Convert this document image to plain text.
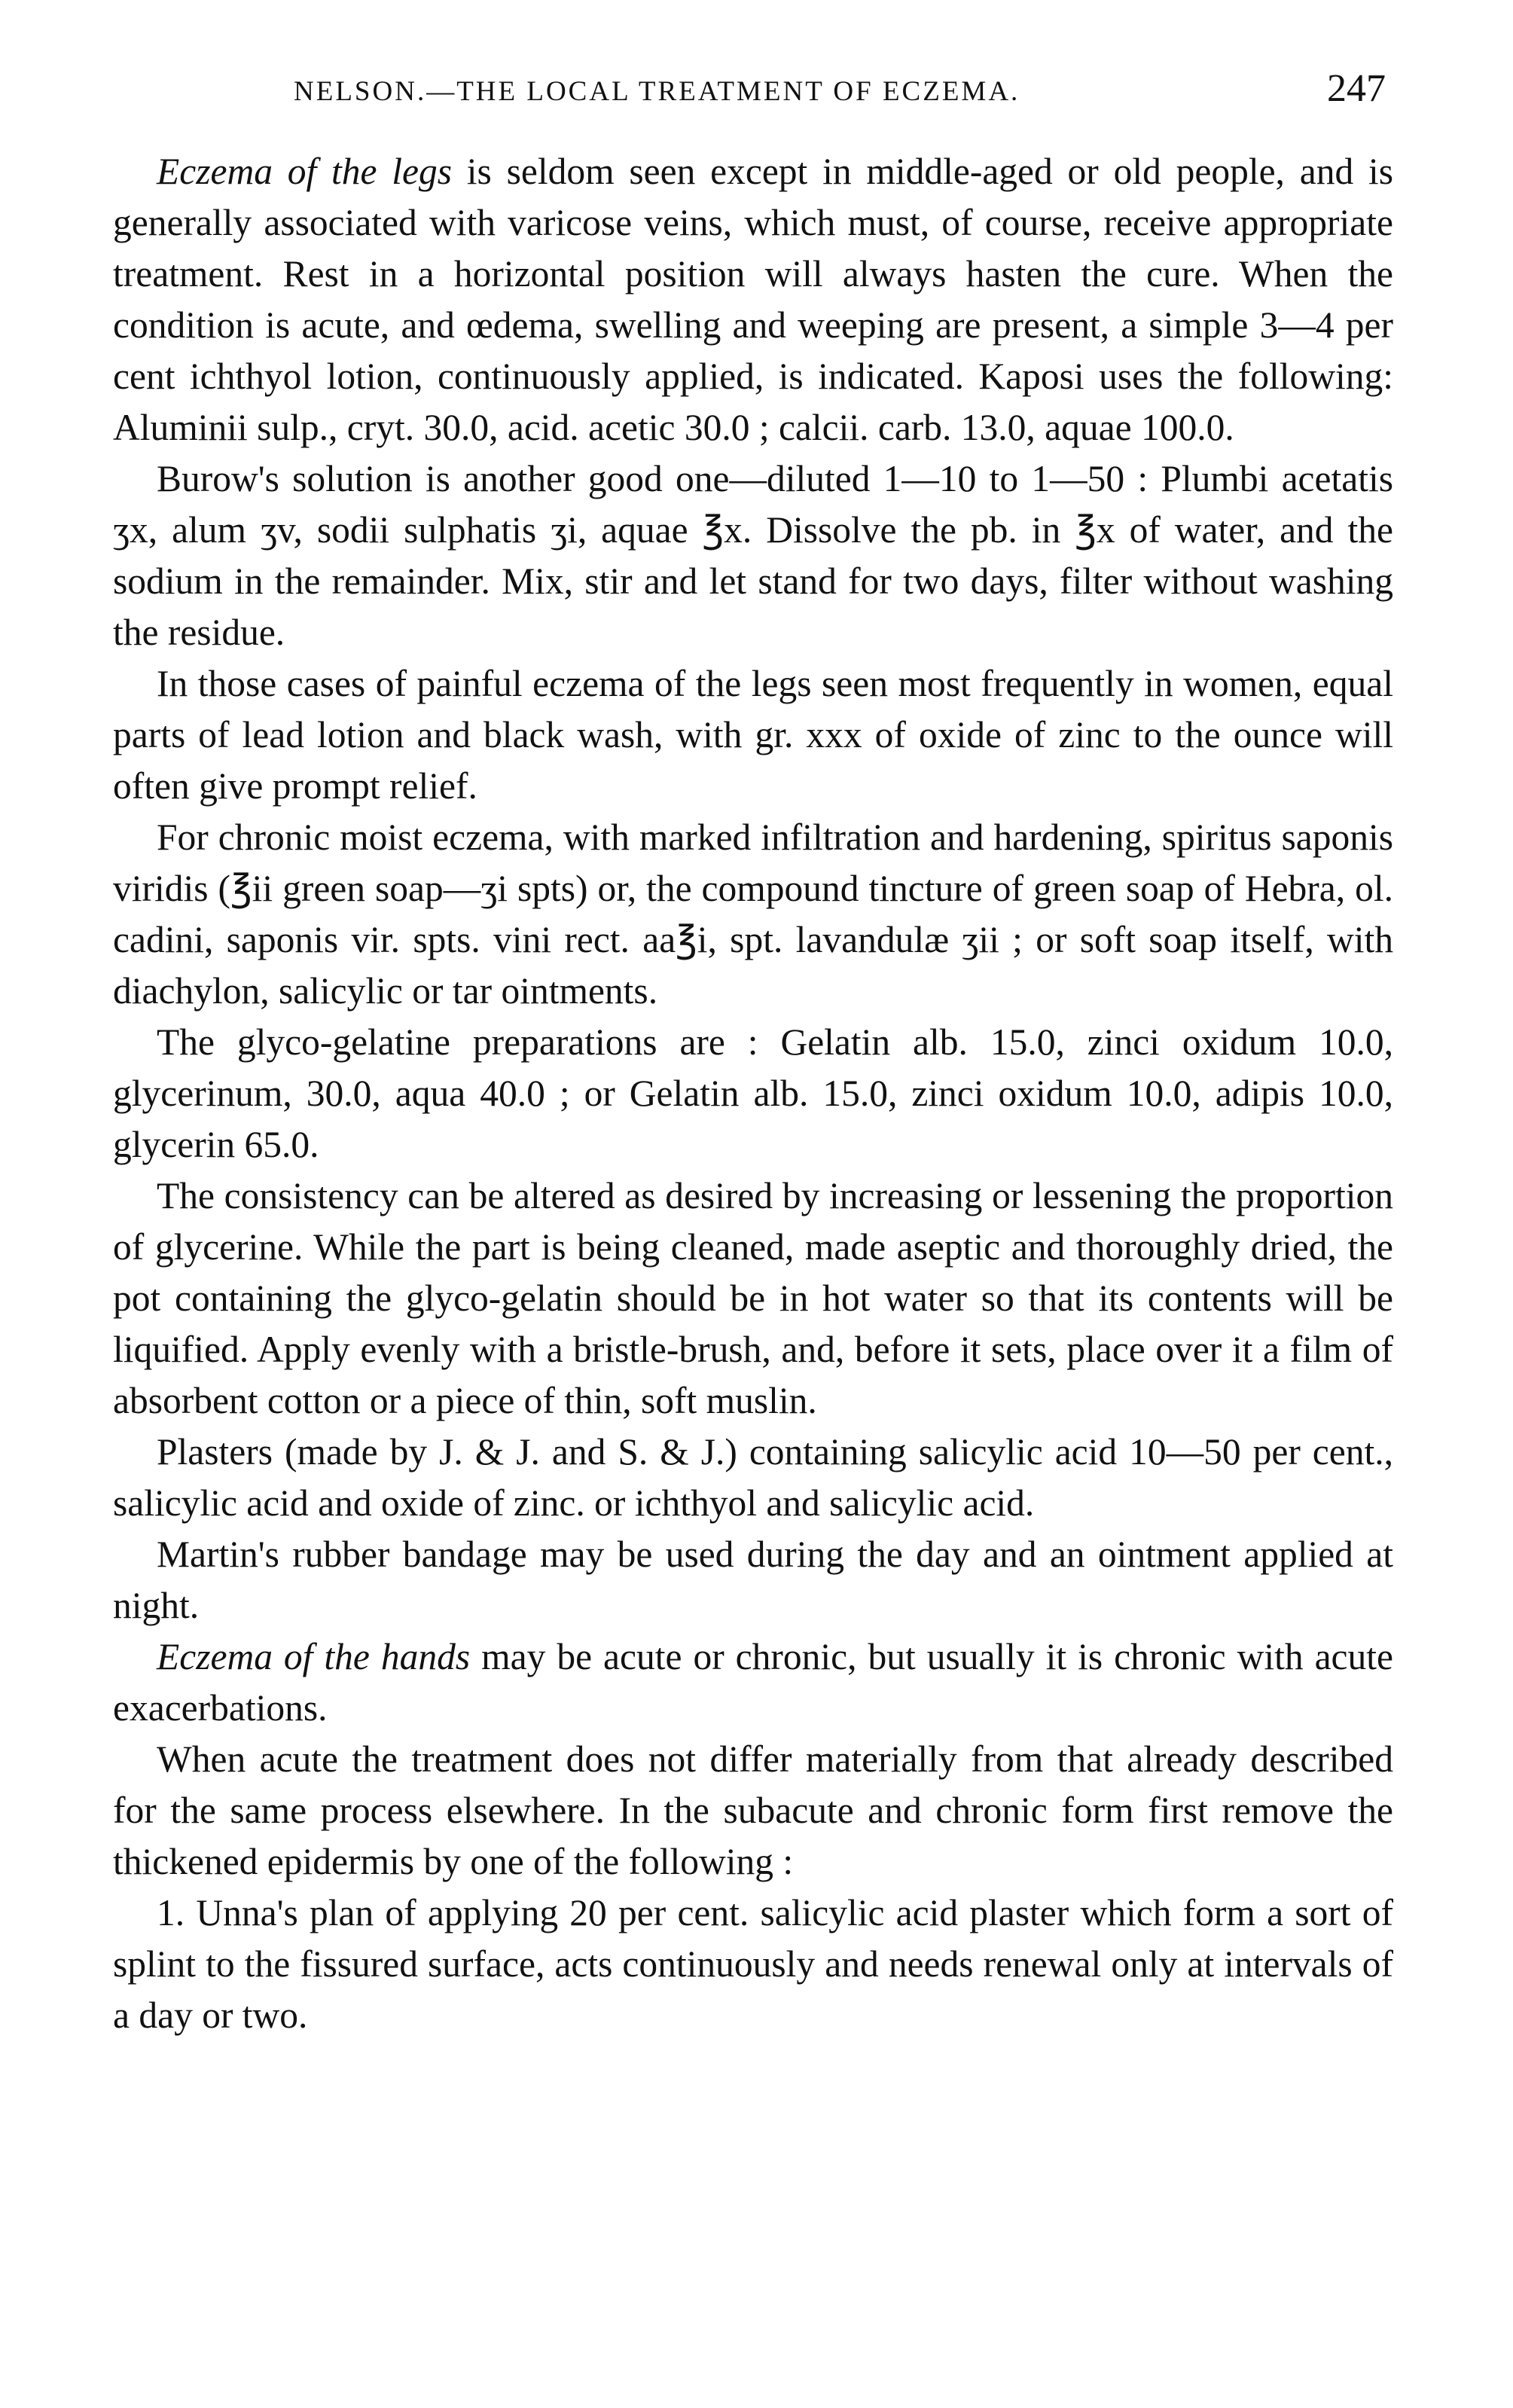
NELSON.—THE LOCAL TREATMENT OF ECZEMA.	247

Eczema of the legs is seldom seen except in middle-aged or old people, and is generally associated with varicose veins, which must, of course, receive appropriate treatment. Rest in a horizontal position will always hasten the cure. When the condition is acute, and œdema, swelling and weeping are present, a simple 3—4 per cent ichthyol lotion, continuously applied, is indicated. Kaposi uses the following: Aluminii sulp., cryt. 30.0, acid. acetic 30.0 ; calcii. carb. 13.0, aquae 100.0.

Burow's solution is another good one—diluted 1—10 to 1—50 : Plumbi acetatis ʒx, alum ʒv, sodii sulphatis ʒi, aquae ℥x. Dissolve the pb. in ℥x of water, and the sodium in the remainder. Mix, stir and let stand for two days, filter without washing the residue.

In those cases of painful eczema of the legs seen most frequently in women, equal parts of lead lotion and black wash, with gr. xxx of oxide of zinc to the ounce will often give prompt relief.

For chronic moist eczema, with marked infiltration and hardening, spiritus saponis viridis (℥ii green soap—ʒi spts) or, the compound tincture of green soap of Hebra, ol. cadini, saponis vir. spts. vini rect. aa℥i, spt. lavandulæ ʒii ; or soft soap itself, with diachylon, salicylic or tar ointments.

The glyco-gelatine preparations are : Gelatin alb. 15.0, zinci oxidum 10.0, glycerinum, 30.0, aqua 40.0 ; or Gelatin alb. 15.0, zinci oxidum 10.0, adipis 10.0, glycerin 65.0.

The consistency can be altered as desired by increasing or lessening the proportion of glycerine. While the part is being cleaned, made aseptic and thoroughly dried, the pot containing the glyco-gelatin should be in hot water so that its contents will be liquified. Apply evenly with a bristle-brush, and, before it sets, place over it a film of absorbent cotton or a piece of thin, soft muslin.

Plasters (made by J. & J. and S. & J.) containing salicylic acid 10—50 per cent., salicylic acid and oxide of zinc. or ichthyol and salicylic acid.

Martin's rubber bandage may be used during the day and an ointment applied at night.

Eczema of the hands may be acute or chronic, but usually it is chronic with acute exacerbations.

When acute the treatment does not differ materially from that already described for the same process elsewhere. In the subacute and chronic form first remove the thickened epidermis by one of the following :

1. Unna's plan of applying 20 per cent. salicylic acid plaster which form a sort of splint to the fissured surface, acts continuously and needs renewal only at intervals of a day or two.
